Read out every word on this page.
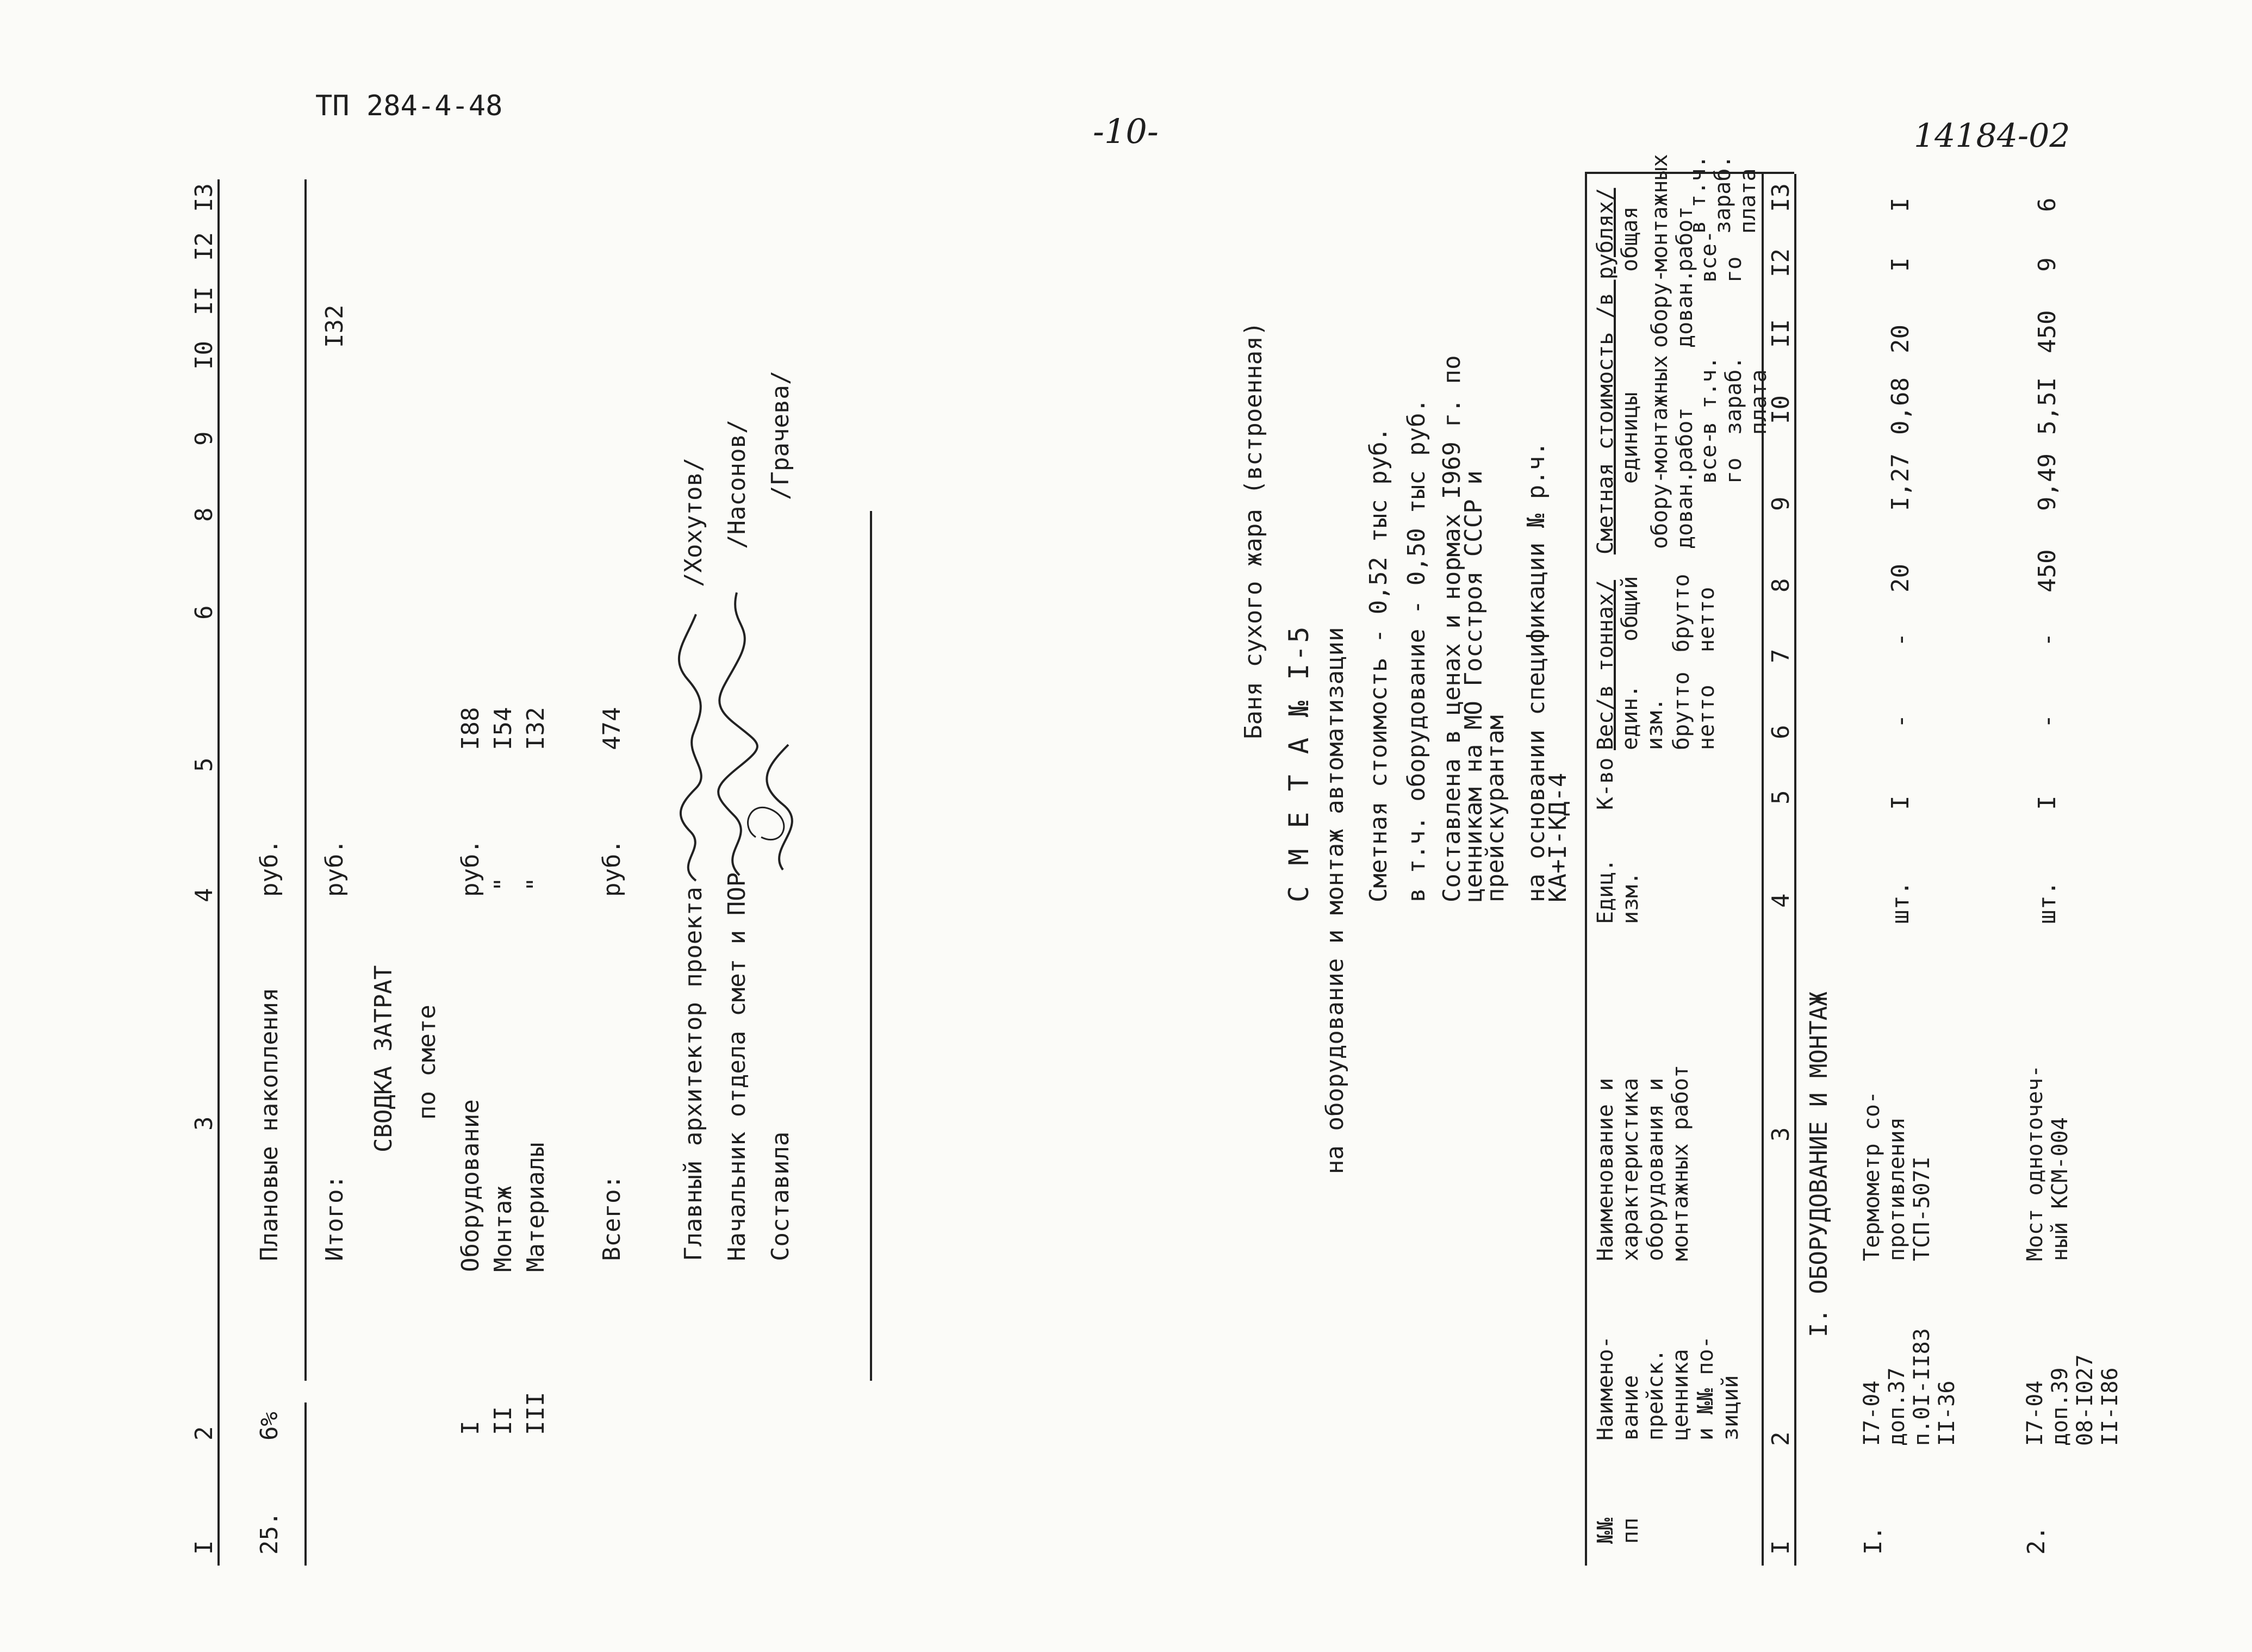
ТП 284-4-48
-10-	14184-02
I
2
3
4
5
6
8
9
I0
II
I2
I3
25.
6%
Плановые накопления
руб.
Итого:
руб.
I32
СВОДКА ЗАТРАТ по смете
I
Оборудование
руб.
I88
II
Монтаж
"
I54
III
Материалы
"
I32
Всего:
руб.
474
Главный архитектор проекта
/Хохутов/
Начальник отдела смет и ПОР
/Насонов/
Составила
/Грачева/	Баня сухого жара (встроенная)
С М Е Т А № I-5 на оборудование и монтаж автоматизации Сметная стоимость - 0,52 тыс руб. в т.ч. оборудование - 0,50 тыс руб. Составлена в ценах и нормах I969 г. по
ценникам на МО Госстроя СССР и
прейскурантам на основании спецификации № р.ч.
КА+I-КД-4
№№
пп
Наимено-
вание
прейск.
ценника
и №№ по-
зиций
Наименование и
характеристика
оборудования и
монтажных работ
Едиц.
изм.
К-во
Вес/в тоннах/ един.
изм.
общий
брутто
нетто
брутто
нетто
Сметная стоимость /в рублях/ единицы
общая
обору-
дован.
монтажных
работ
все-
го
в т.ч.
зараб.
плата
обору-
дован.
монтажных
работ
все-
го
в т.ч.
зараб.
плата
I
2
3
4
5
6
7
8
9
I0
II
I2
I3
I. ОБОРУДОВАНИЕ И МОНТАЖ
I.
I7-04
доп.37
п.0I-II83
II-36
Термометр со-
противления
ТСП-507I
шт.
I
-
-
20
I,27
0,68
20
I
I
2.
I7-04
доп.39
08-I027
II-I86
Мост одноточеч-
ный КСМ-004
шт.
I
-
-
450
9,49
5,5I
450
9
6
